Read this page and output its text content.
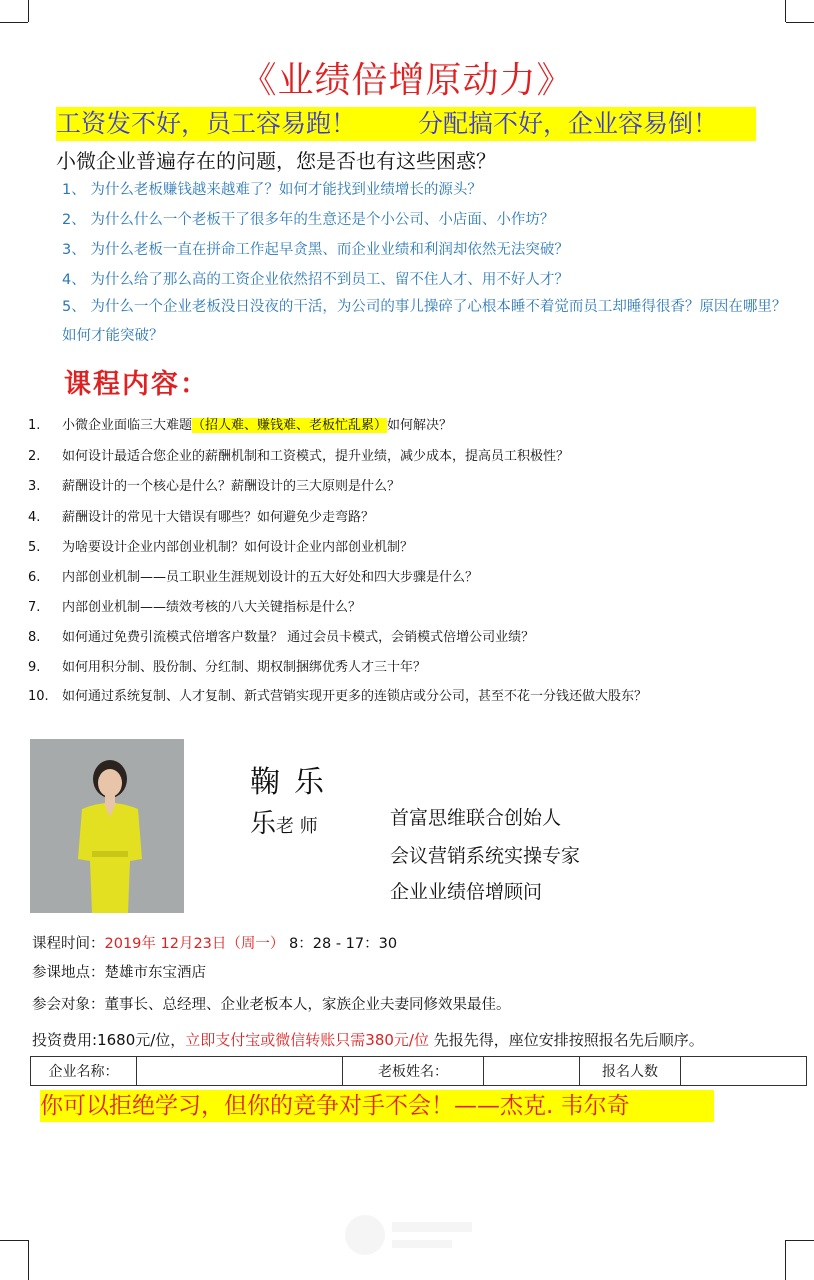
《业绩倍增原动力》
工资发不好，员工容易跑！ 分配搞不好，企业容易倒！
小微企业普遍存在的问题，您是否也有这些困惑？
1、 为什么老板赚钱越来越难了？如何才能找到业绩增长的源头？
2、 为什么什么一个老板干了很多年的生意还是个小公司、小店面、小作坊？
3、 为什么老板一直在拼命工作起早贪黑、而企业业绩和利润却依然无法突破？
4、 为什么给了那么高的工资企业依然招不到员工、留不住人才、用不好人才？
5、 为什么一个企业老板没日没夜的干活，为公司的事儿操碎了心根本睡不着觉而员工却睡得很香？原因在哪里？如何才能突破？
课程内容：
1. 小微企业面临三大难题（招人难、赚钱难、老板忙乱累）如何解决？
2. 如何设计最适合您企业的薪酬机制和工资模式，提升业绩，减少成本，提高员工积极性？
3. 薪酬设计的一个核心是什么？薪酬设计的三大原则是什么？
4. 薪酬设计的常见十大错误有哪些？如何避免少走弯路？
5. 为啥要设计企业内部创业机制？如何设计企业内部创业机制？
6. 内部创业机制——员工职业生涯规划设计的五大好处和四大步骤是什么？
7. 内部创业机制——绩效考核的八大关键指标是什么？
8. 如何通过免费引流模式倍增客户数量？ 通过会员卡模式，会销模式倍增公司业绩？
9. 如何用积分制、股份制、分红制、期权制捆绑优秀人才三十年？
10. 如何通过系统复制、人才复制、新式营销实现开更多的连锁店或分公司，甚至不花一分钱还做大股东？
鞠乐
乐老 师	首富思维联合创始人
会议营销系统实操专家
企业业绩倍增顾问
课程时间：2019年 12月23日（周一） 8：28 - 17：30
参课地点：楚雄市东宝酒店
参会对象：董事长、总经理、企业老板本人，家族企业夫妻同修效果最佳。
投资费用:1680元/位，立即支付宝或微信转账只需380元/位 先报先得，座位安排按照报名先后顺序。
企业名称：		老板姓名：		报名人数	
你可以拒绝学习，但你的竞争对手不会！——杰克. 韦尔奇
